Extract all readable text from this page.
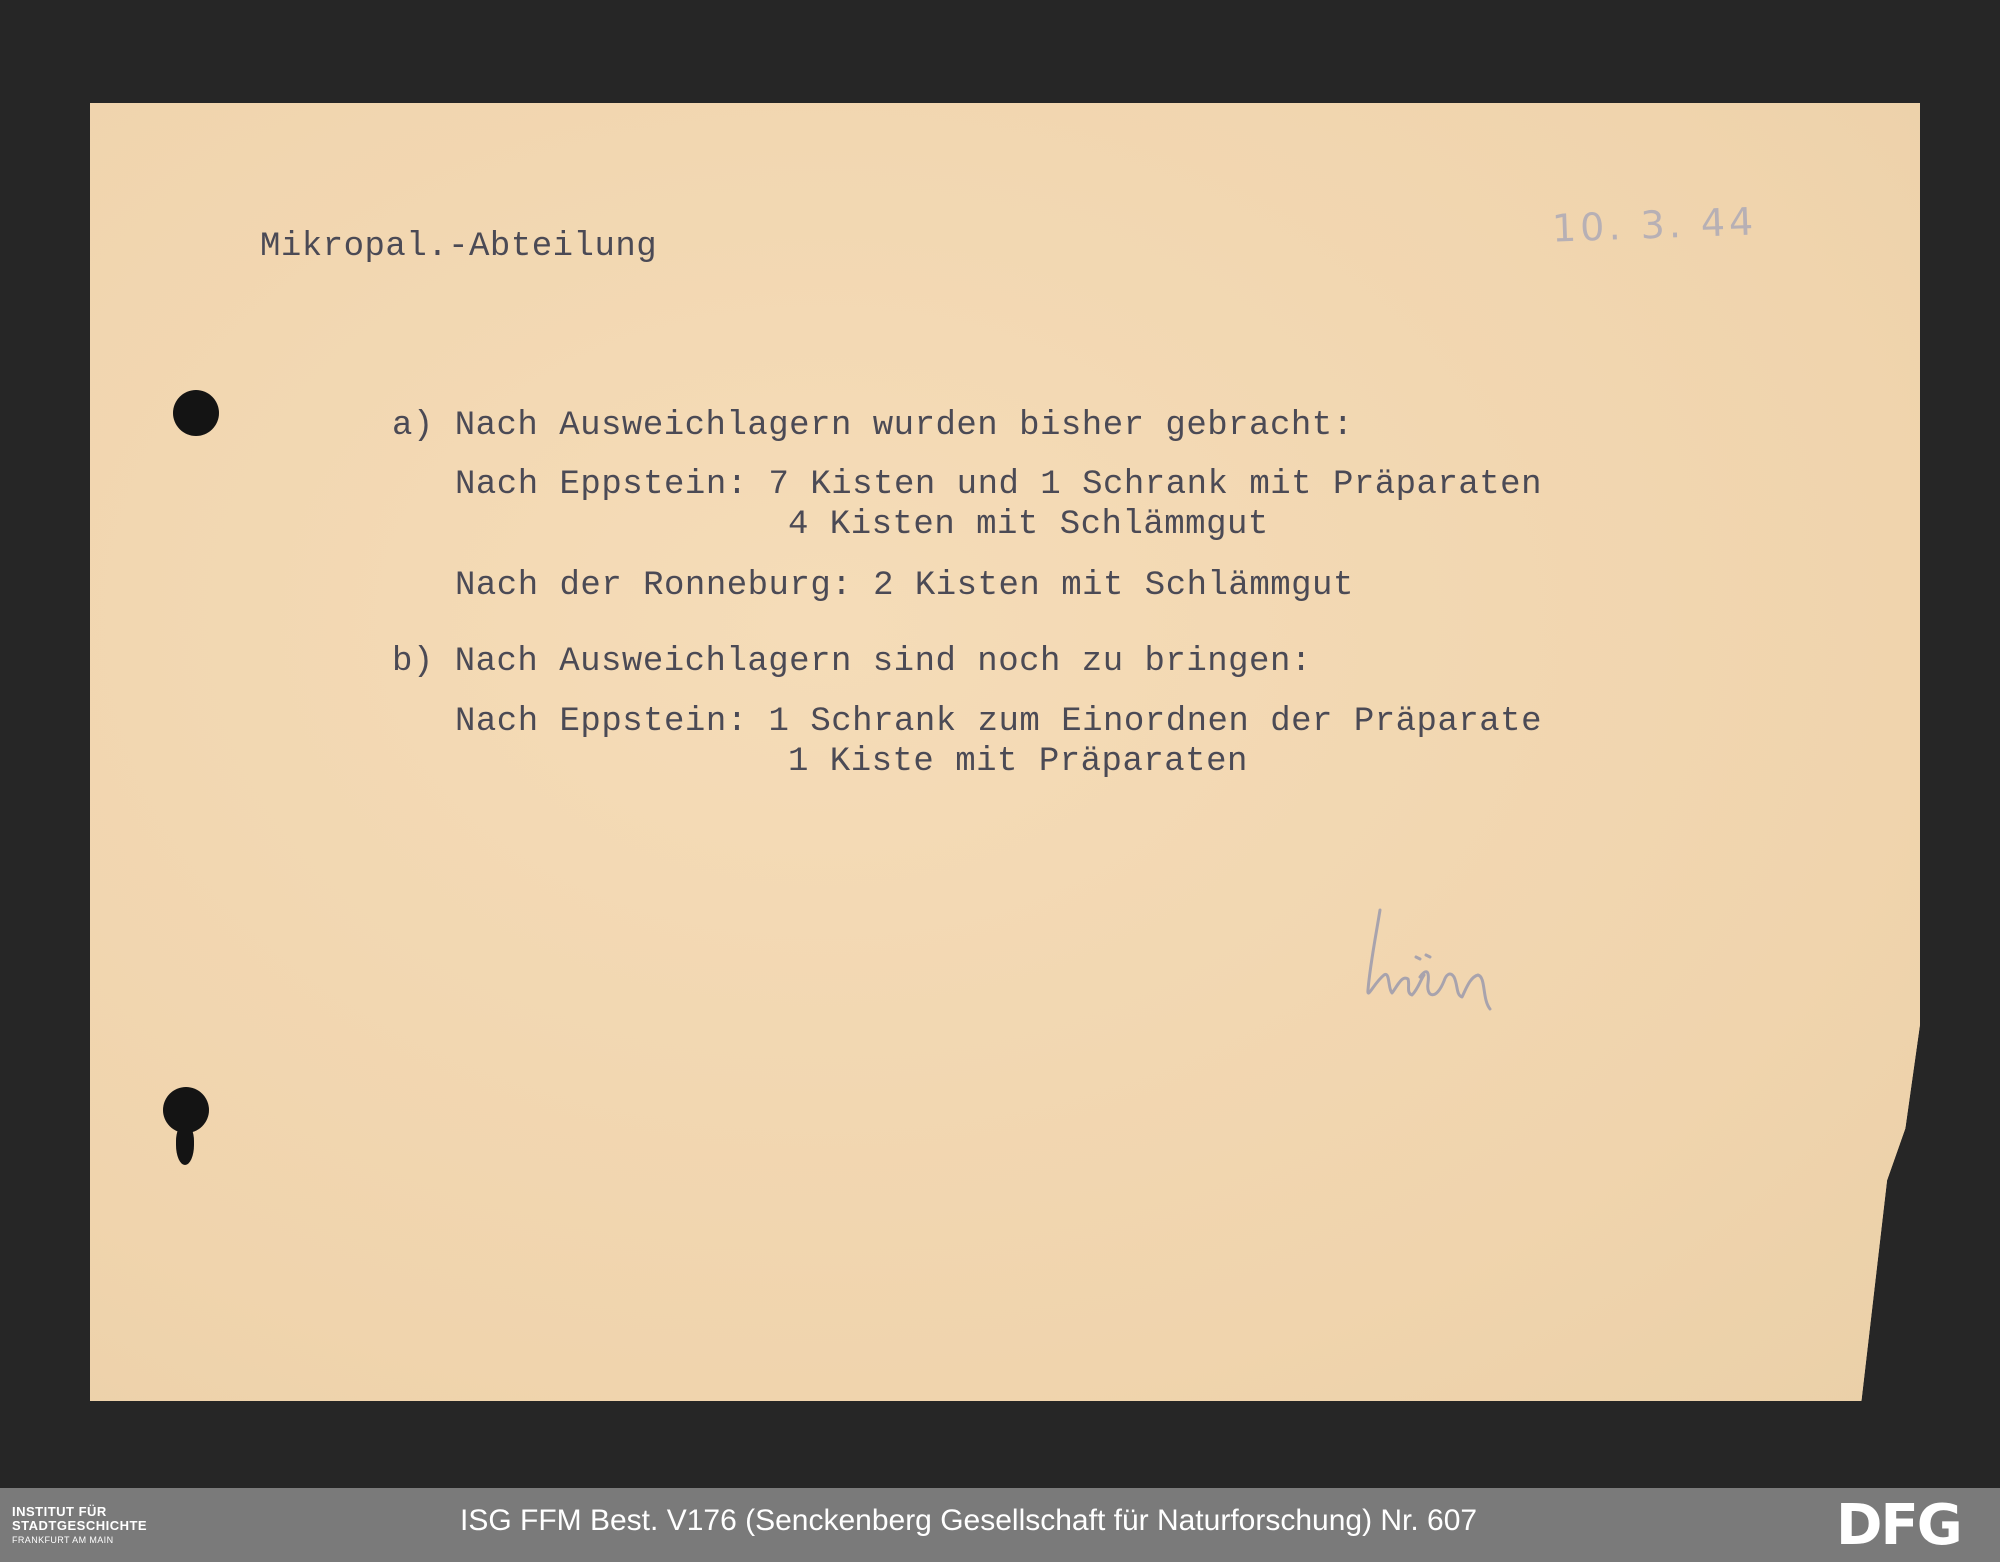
Mikropal.-Abteilung	10. 3. 44
a) Nach Ausweichlagern wurden bisher gebracht:
Nach Eppstein: 7 Kisten und 1 Schrank mit Präparaten
4 Kisten mit Schlämmgut
Nach der Ronneburg: 2 Kisten mit Schlämmgut
b) Nach Ausweichlagern sind noch zu bringen:
Nach Eppstein: 1 Schrank zum Einordnen der Präparate
1 Kiste mit Präparaten
INSTITUT FÜR
STADTGESCHICHTE
FRANKFURT AM MAIN
ISG FFM Best. V176 (Senckenberg Gesellschaft für Naturforschung) Nr. 607	DFG
